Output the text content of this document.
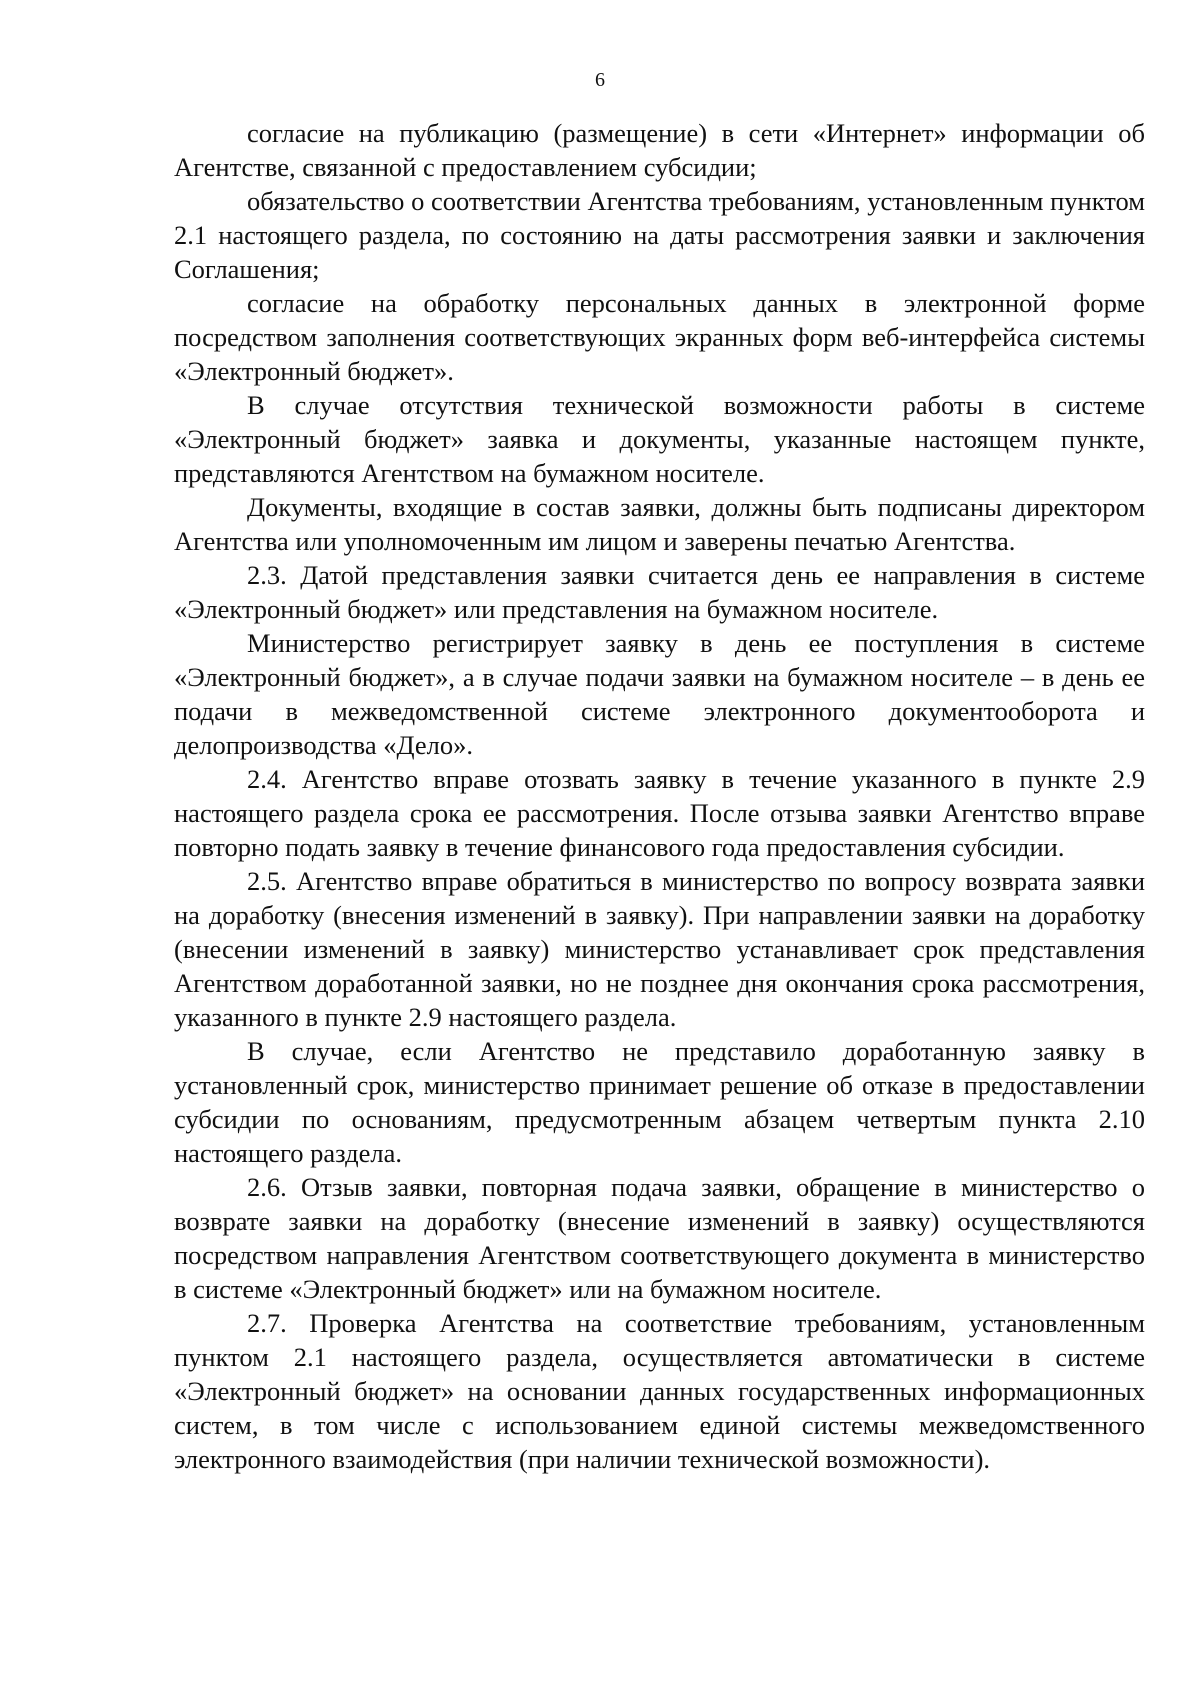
6

согласие на публикацию (размещение) в сети «Интернет» информации об Агентстве, связанной с предоставлением субсидии;

обязательство о соответствии Агентства требованиям, установленным пунктом 2.1 настоящего раздела, по состоянию на даты рассмотрения заявки и заключения Соглашения;

согласие на обработку персональных данных в электронной форме посредством заполнения соответствующих экранных форм веб-интерфейса системы «Электронный бюджет».

В случае отсутствия технической возможности работы в системе «Электронный бюджет» заявка и документы, указанные настоящем пункте, представляются Агентством на бумажном носителе.

Документы, входящие в состав заявки, должны быть подписаны директором Агентства или уполномоченным им лицом и заверены печатью Агентства.

2.3. Датой представления заявки считается день ее направления в системе «Электронный бюджет» или представления на бумажном носителе.

Министерство регистрирует заявку в день ее поступления в системе «Электронный бюджет», а в случае подачи заявки на бумажном носителе – в день ее подачи в межведомственной системе электронного документооборота и делопроизводства «Дело».

2.4. Агентство вправе отозвать заявку в течение указанного в пункте 2.9 настоящего раздела срока ее рассмотрения. После отзыва заявки Агентство вправе повторно подать заявку в течение финансового года предоставления субсидии.

2.5. Агентство вправе обратиться в министерство по вопросу возврата заявки на доработку (внесения изменений в заявку). При направлении заявки на доработку (внесении изменений в заявку) министерство устанавливает срок представления Агентством доработанной заявки, но не позднее дня окончания срока рассмотрения, указанного в пункте 2.9 настоящего раздела.

В случае, если Агентство не представило доработанную заявку в установленный срок, министерство принимает решение об отказе в предоставлении субсидии по основаниям, предусмотренным абзацем четвертым пункта 2.10 настоящего раздела.

2.6. Отзыв заявки, повторная подача заявки, обращение в министерство о возврате заявки на доработку (внесение изменений в заявку) осуществляются посредством направления Агентством соответствующего документа в министерство в системе «Электронный бюджет» или на бумажном носителе.

2.7. Проверка Агентства на соответствие требованиям, установленным пунктом 2.1 настоящего раздела, осуществляется автоматически в системе «Электронный бюджет» на основании данных государственных информационных систем, в том числе с использованием единой системы межведомственного электронного взаимодействия (при наличии технической возможности).
